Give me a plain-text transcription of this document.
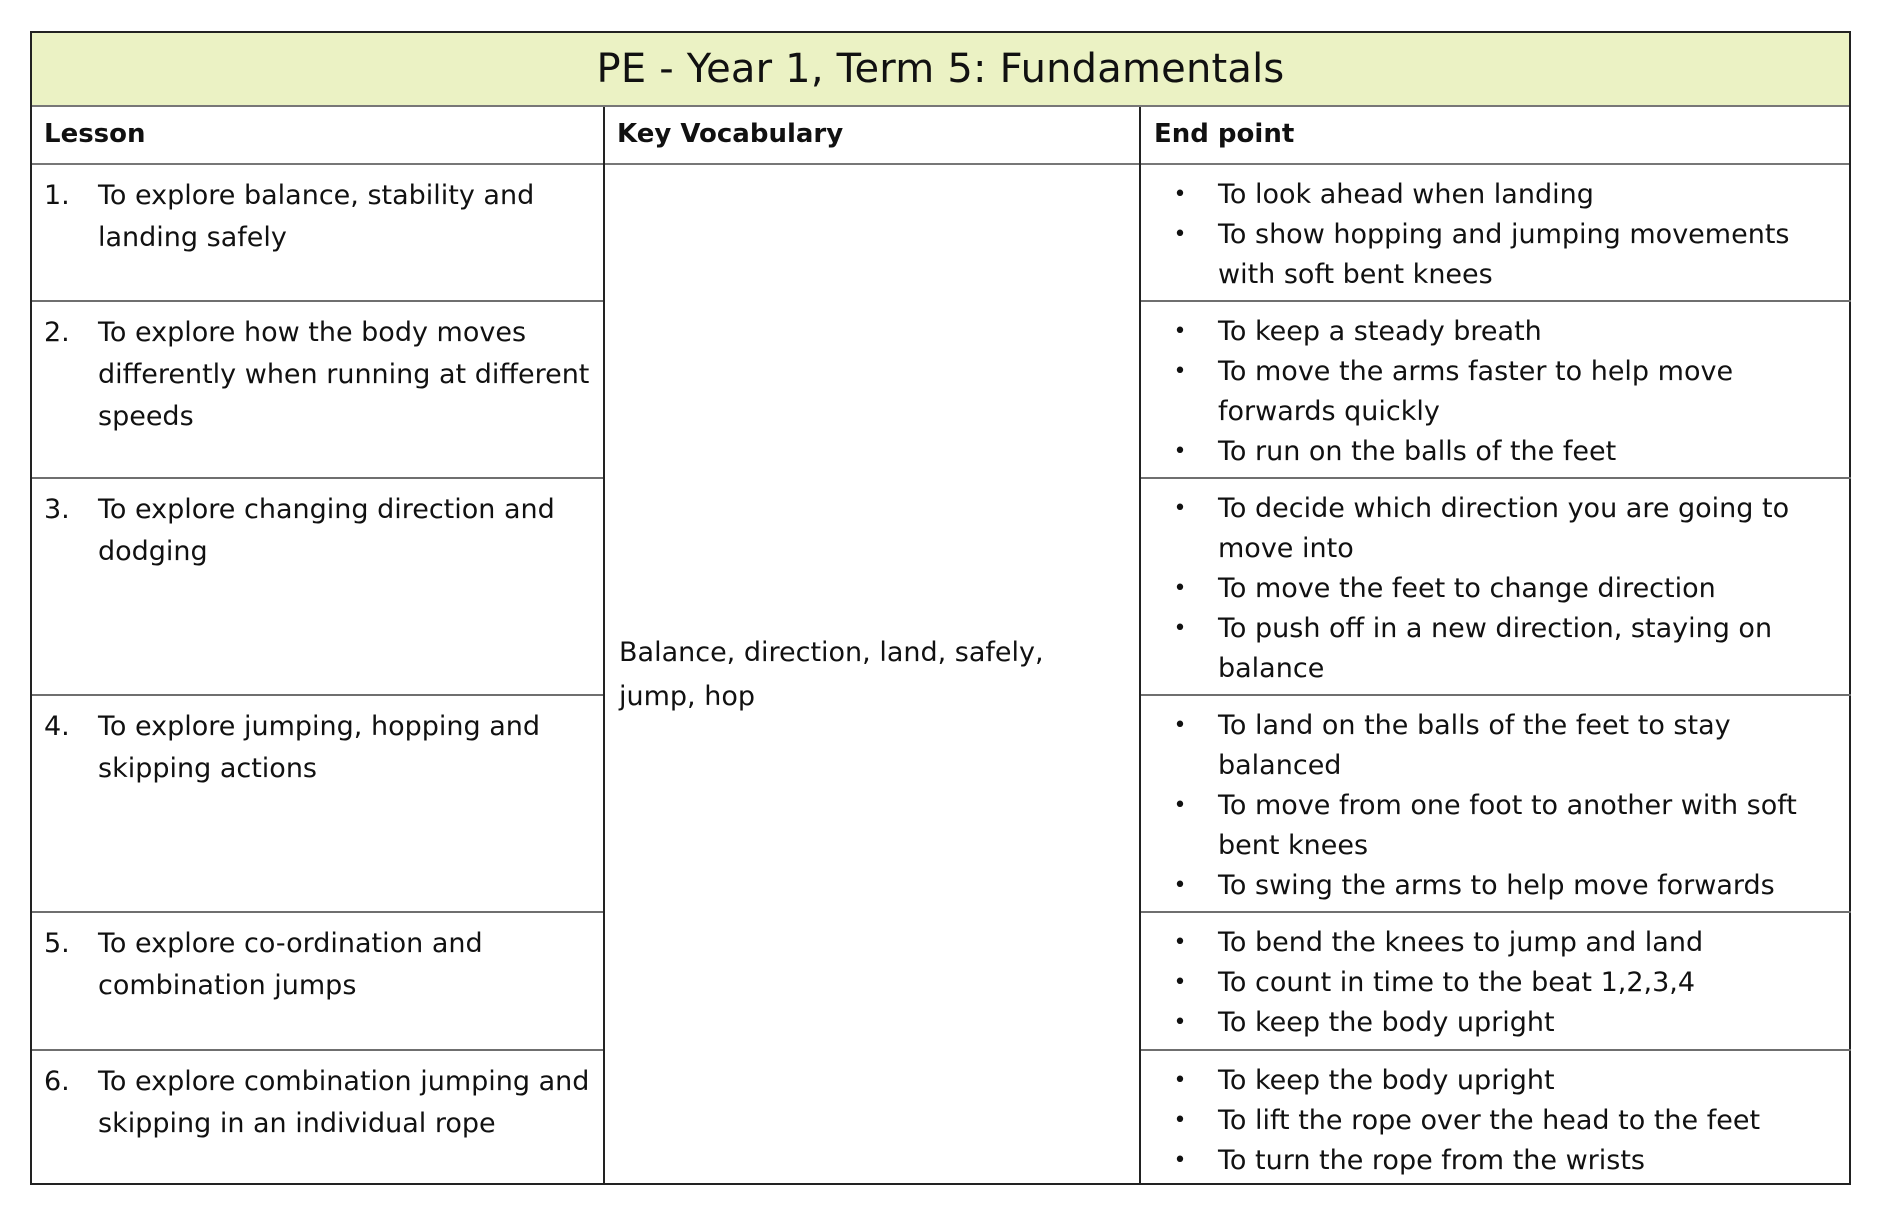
PE - Year 1, Term 5: Fundamentals
Lesson	Key Vocabulary	End point
Balance, direction, land, safely, jump, hop
1.	To explore balance, stability and landing safely
•	To look ahead when landing
•	To show hopping and jumping movements with soft bent knees
2.	To explore how the body moves differently when running at different speeds
•	To keep a steady breath
•	To move the arms faster to help move forwards quickly
•	To run on the balls of the feet
3.	To explore changing direction and dodging
•	To decide which direction you are going to move into
•	To move the feet to change direction
•	To push off in a new direction, staying on balance
4.	To explore jumping, hopping and skipping actions
•	To land on the balls of the feet to stay balanced
•	To move from one foot to another with soft bent knees
•	To swing the arms to help move forwards
5.	To explore co-ordination and combination jumps
•	To bend the knees to jump and land
•	To count in time to the beat 1,2,3,4
•	To keep the body upright
6.	To explore combination jumping and skipping in an individual rope
•	To keep the body upright
•	To lift the rope over the head to the feet
•	To turn the rope from the wrists
